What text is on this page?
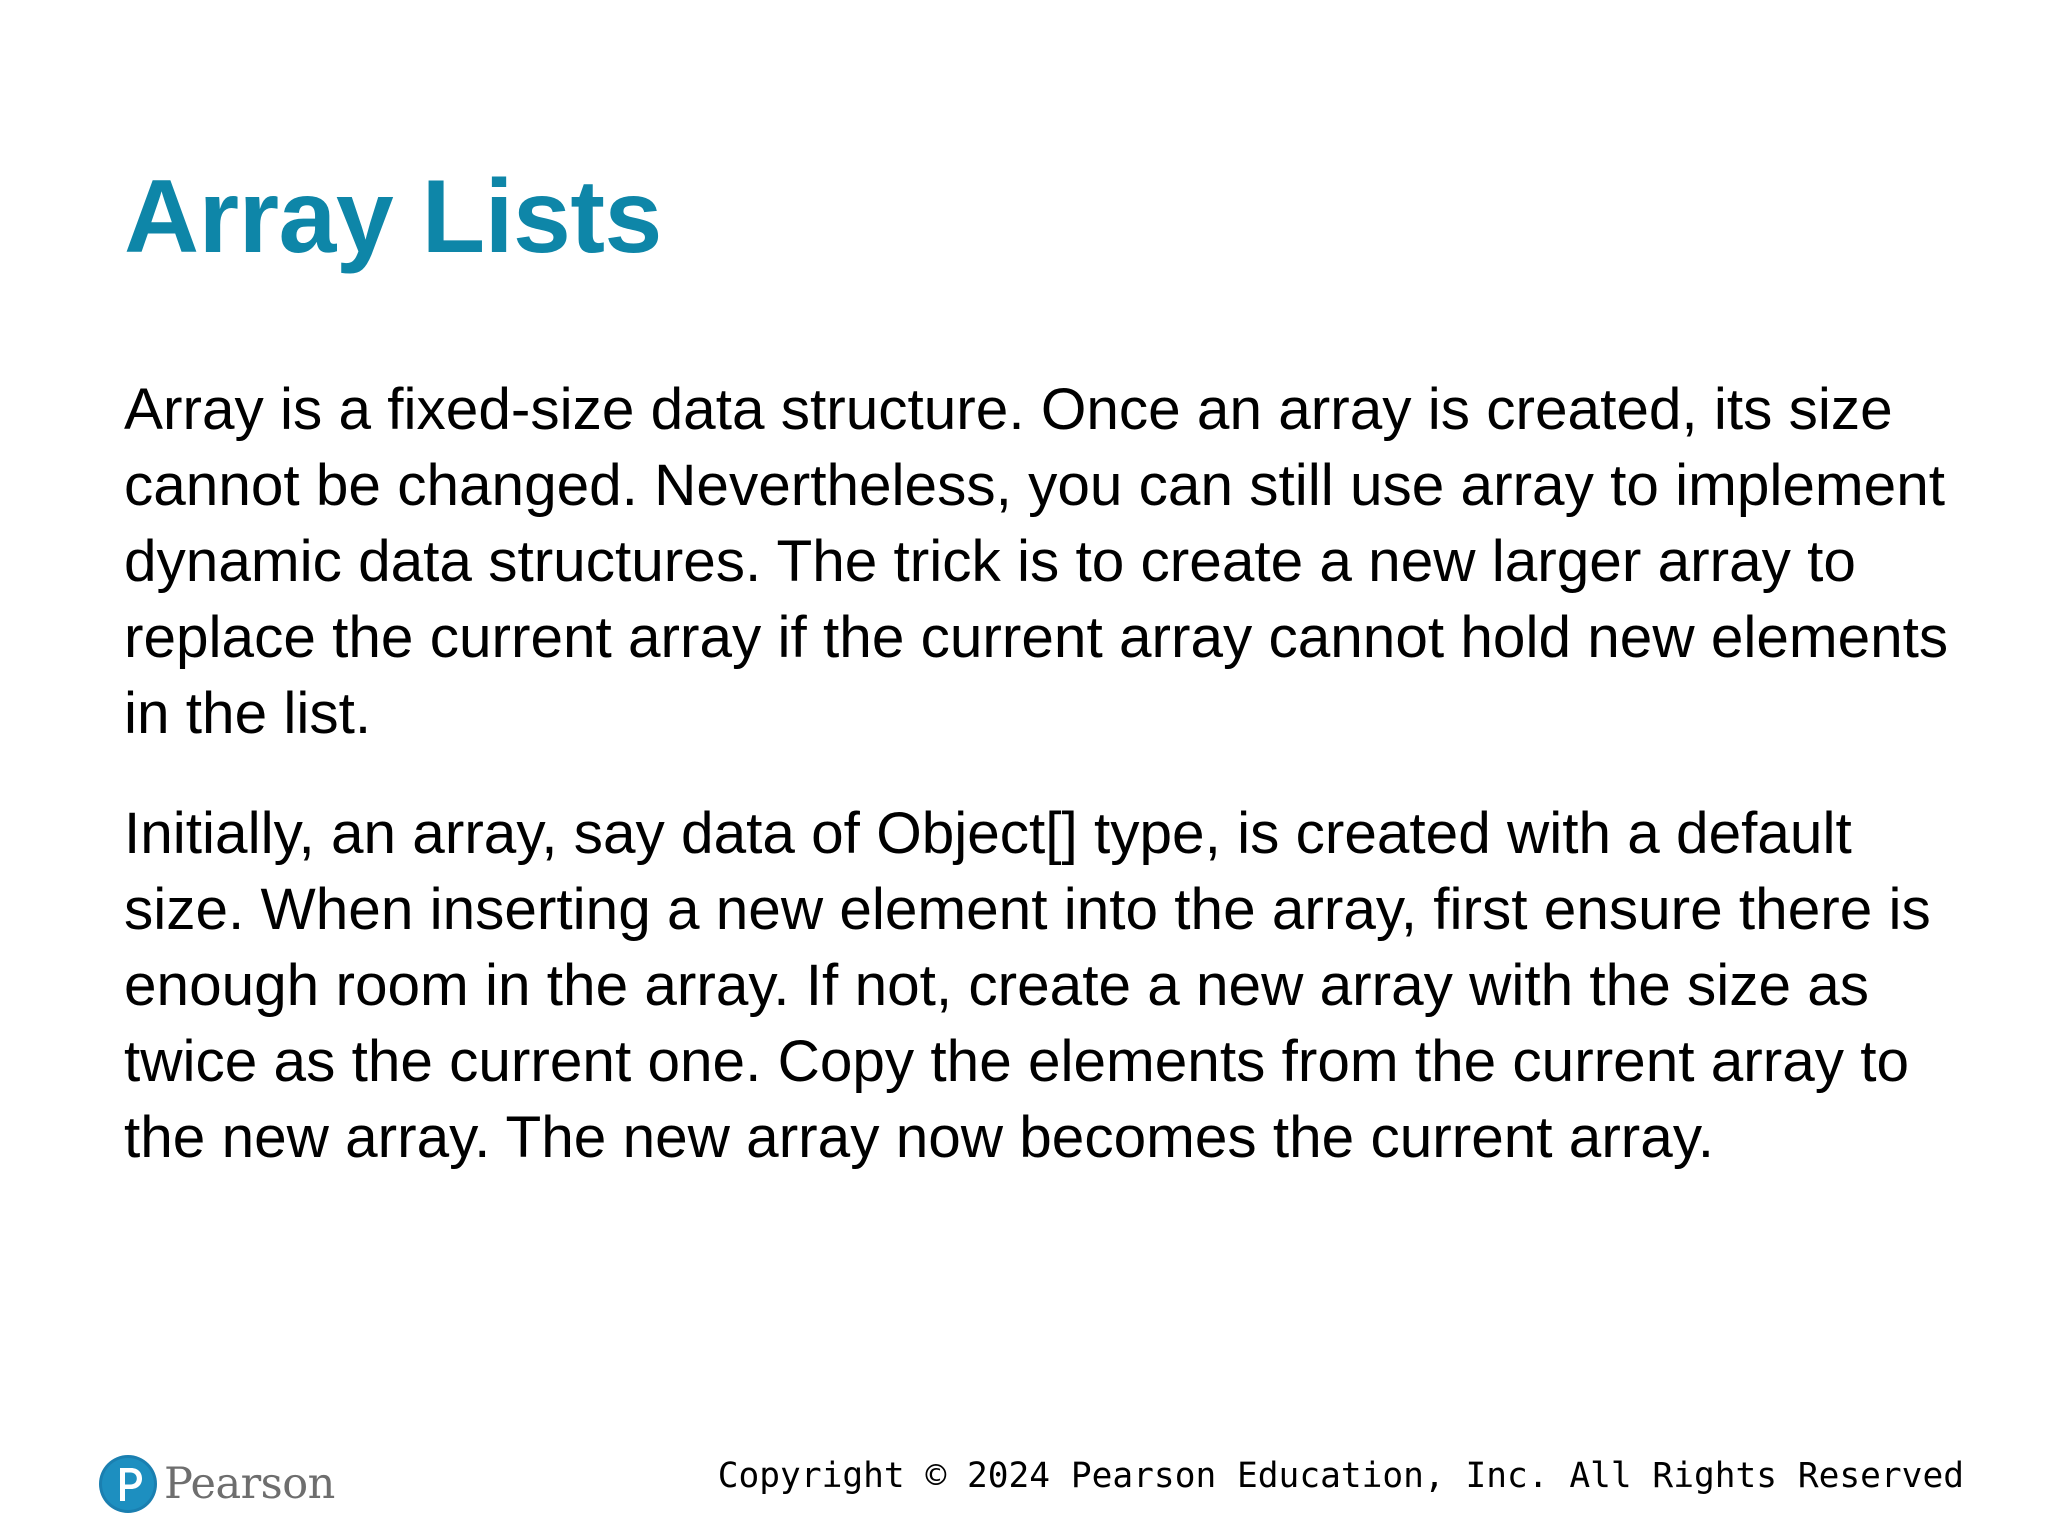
Array Lists

Array is a fixed-size data structure. Once an array is created, its size cannot be changed. Nevertheless, you can still use array to implement dynamic data structures. The trick is to create a new larger array to replace the current array if the current array cannot hold new elements in the list.

Initially, an array, say data of Object[] type, is created with a default size. When inserting a new element into the array, first ensure there is enough room in the array. If not, create a new array with the size as twice as the current one. Copy the elements from the current array to the new array. The new array now becomes the current array.

Pearson	Copyright © 2024 Pearson Education, Inc. All Rights Reserved
